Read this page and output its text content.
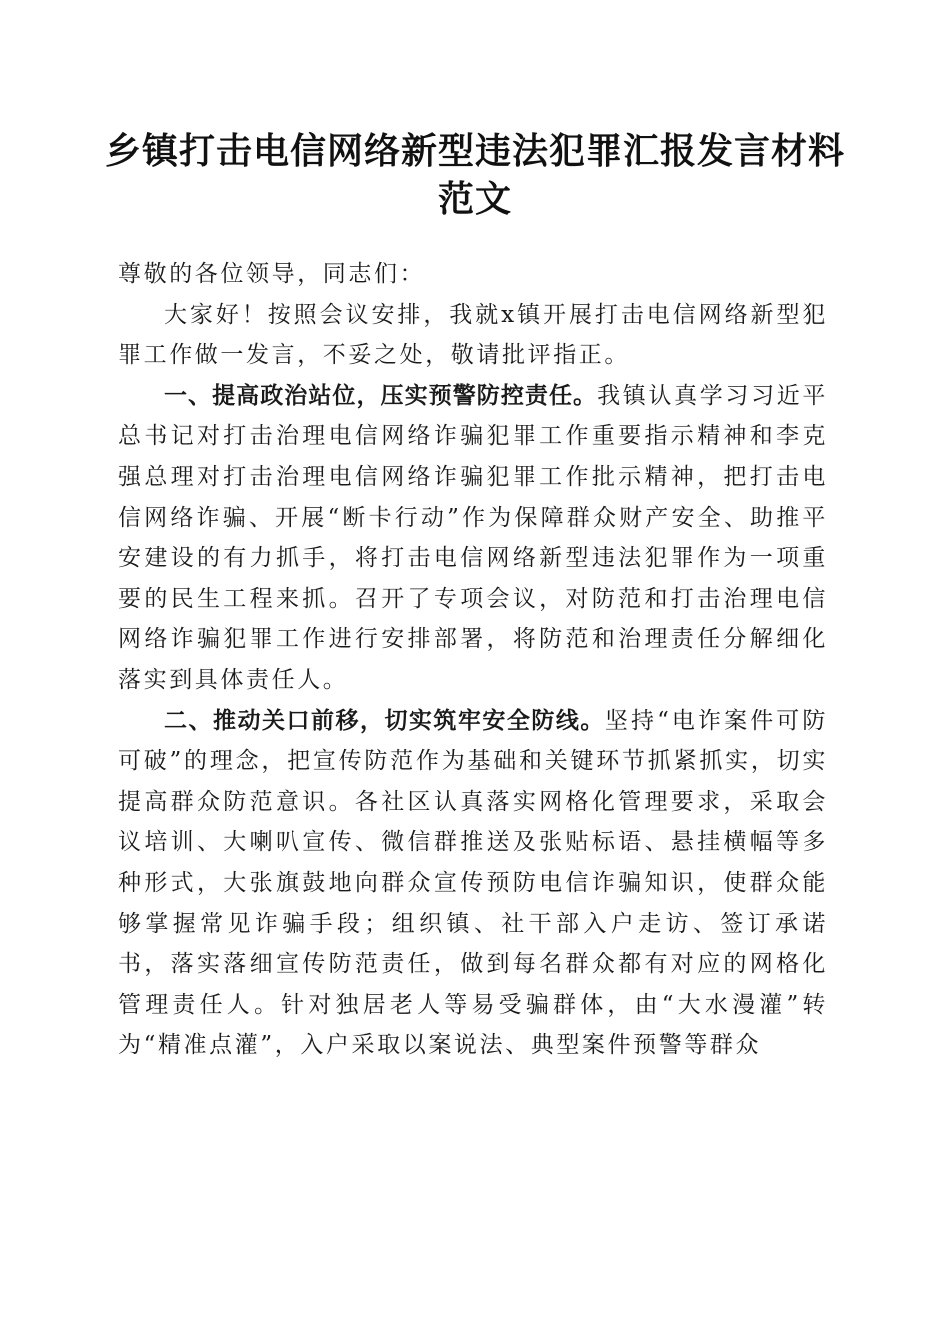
乡镇打击电信网络新型违法犯罪汇报发言材料
范文

尊敬的各位领导，同志们：

大家好！按照会议安排，我就x镇开展打击电信网络新型犯罪工作做一发言，不妥之处，敬请批评指正。

一、提高政治站位，压实预警防控责任。我镇认真学习习近平总书记对打击治理电信网络诈骗犯罪工作重要指示精神和李克强总理对打击治理电信网络诈骗犯罪工作批示精神，把打击电信网络诈骗、开展“断卡行动”作为保障群众财产安全、助推平安建设的有力抓手，将打击电信网络新型违法犯罪作为一项重要的民生工程来抓。召开了专项会议，对防范和打击治理电信网络诈骗犯罪工作进行安排部署，将防范和治理责任分解细化落实到具体责任人。

二、推动关口前移，切实筑牢安全防线。坚持“电诈案件可防可破”的理念，把宣传防范作为基础和关键环节抓紧抓实，切实提高群众防范意识。各社区认真落实网格化管理要求，采取会议培训、大喇叭宣传、微信群推送及张贴标语、悬挂横幅等多种形式，大张旗鼓地向群众宣传预防电信诈骗知识，使群众能够掌握常见诈骗手段；组织镇、社干部入户走访、签订承诺书，落实落细宣传防范责任，做到每名群众都有对应的网格化管理责任人。针对独居老人等易受骗群体，由“大水漫灌”转为“精准点灌”，入户采取以案说法、典型案件预警等群众
